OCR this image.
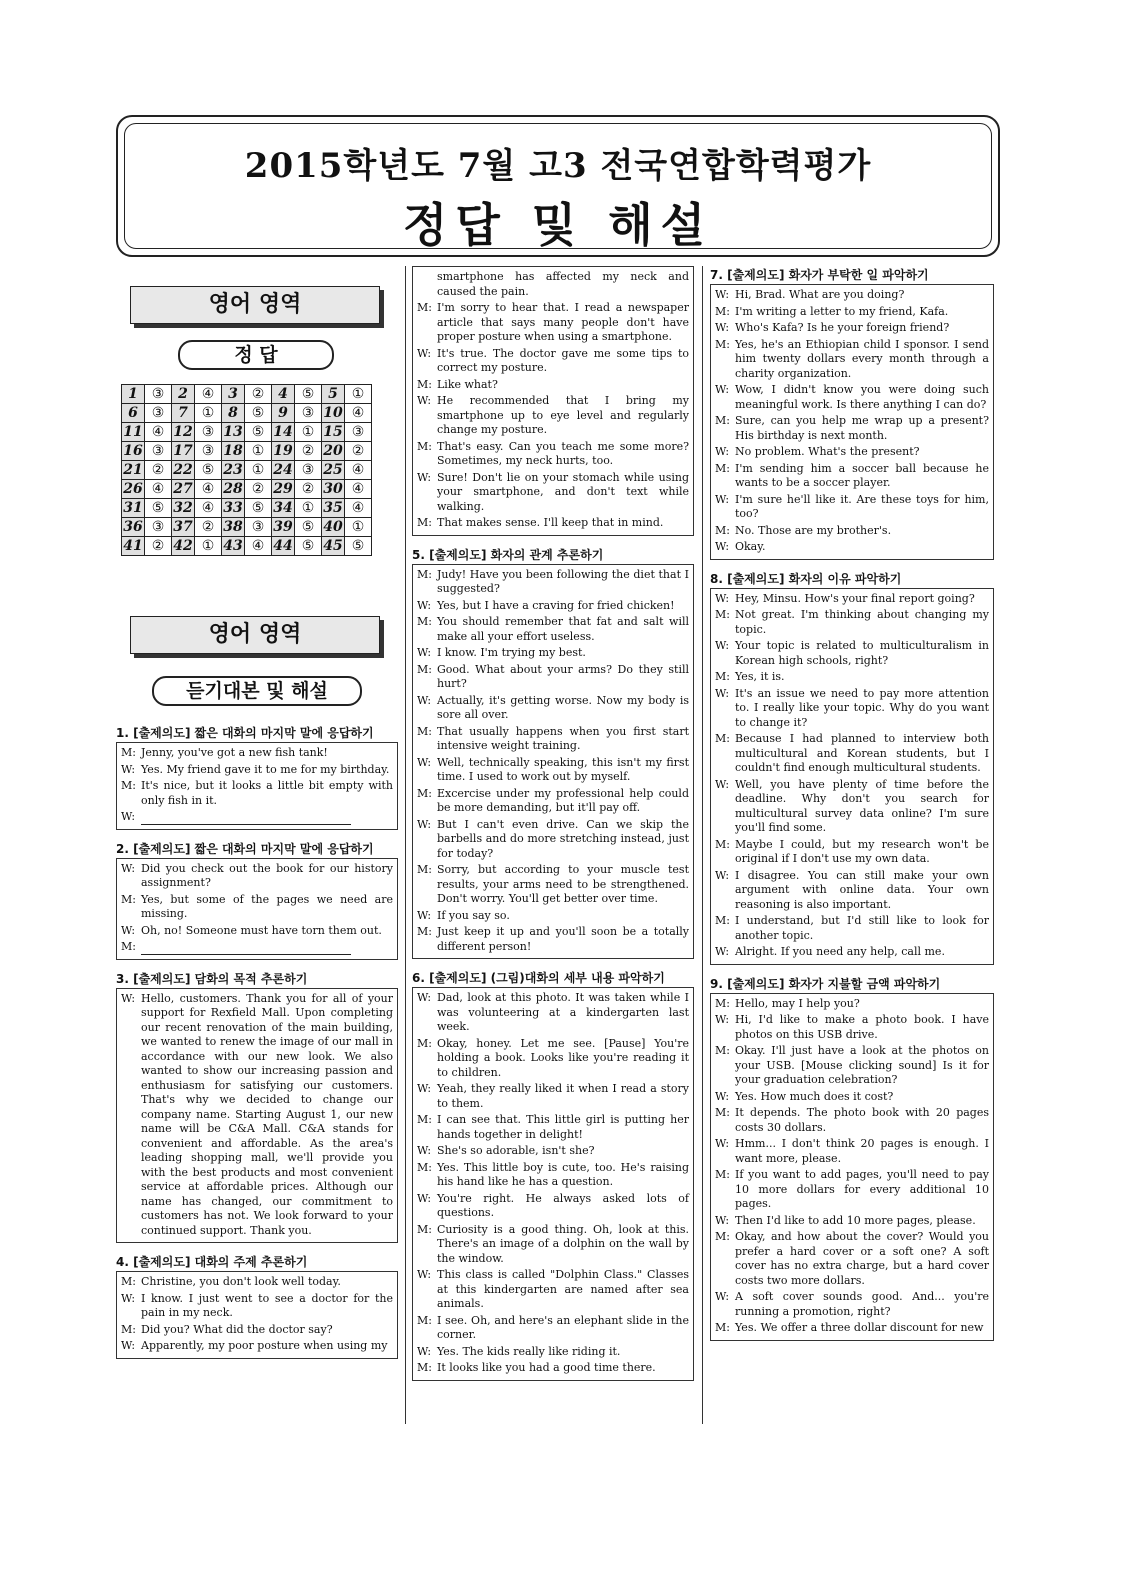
2015학년도 7월 고3 전국연합학력평가
정답 및 해설
영어 영역
정 답
1	③	2	④	3	②	4	⑤	5	①
6	③	7	①	8	⑤	9	③	10	④
11	④	12	③	13	⑤	14	①	15	③
16	③	17	③	18	①	19	②	20	②
21	②	22	⑤	23	①	24	③	25	④
26	④	27	④	28	②	29	②	30	④
31	⑤	32	④	33	⑤	34	①	35	④
36	③	37	②	38	③	39	⑤	40	①
41	②	42	①	43	④	44	⑤	45	⑤
영어 영역
듣기대본 및 해설
1. [출제의도] 짧은 대화의 마지막 말에 응답하기
M: Jenny, you've got a new fish tank!
W: Yes. My friend gave it to me for my birthday.
M: It's nice, but it looks a little bit empty with only fish in it.
W:
2. [출제의도] 짧은 대화의 마지막 말에 응답하기
W: Did you check out the book for our history assignment?
M: Yes, but some of the pages we need are missing.
W: Oh, no! Someone must have torn them out.
M:
3. [출제의도] 담화의 목적 추론하기
W: Hello, customers. Thank you for all of your support for Rexfield Mall. Upon completing our recent renovation of the main building, we wanted to renew the image of our mall in accordance with our new look. We also wanted to show our increasing passion and enthusiasm for satisfying our customers. That's why we decided to change our company name. Starting August 1, our new name will be C&A Mall. C&A stands for convenient and affordable. As the area's leading shopping mall, we'll provide you with the best products and most convenient service at affordable prices. Although our name has changed, our commitment to customers has not. We look forward to your continued support. Thank you.
4. [출제의도] 대화의 주제 추론하기
M: Christine, you don't look well today.
W: I know. I just went to see a doctor for the pain in my neck.
M: Did you? What did the doctor say?
W: Apparently, my poor posture when using my
smartphone has affected my neck and caused the pain.
M: I'm sorry to hear that. I read a newspaper article that says many people don't have proper posture when using a smartphone.
W: It's true. The doctor gave me some tips to correct my posture.
M: Like what?
W: He recommended that I bring my smartphone up to eye level and regularly change my posture.
M: That's easy. Can you teach me some more? Sometimes, my neck hurts, too.
W: Sure! Don't lie on your stomach while using your smartphone, and don't text while walking.
M: That makes sense. I'll keep that in mind.
5. [출제의도] 화자의 관계 추론하기
M: Judy! Have you been following the diet that I suggested?
W: Yes, but I have a craving for fried chicken!
M: You should remember that fat and salt will make all your effort useless.
W: I know. I'm trying my best.
M: Good. What about your arms? Do they still hurt?
W: Actually, it's getting worse. Now my body is sore all over.
M: That usually happens when you first start intensive weight training.
W: Well, technically speaking, this isn't my first time. I used to work out by myself.
M: Excercise under my professional help could be more demanding, but it'll pay off.
W: But I can't even drive. Can we skip the barbells and do more stretching instead, just for today?
M: Sorry, but according to your muscle test results, your arms need to be strengthened. Don't worry. You'll get better over time.
W: If you say so.
M: Just keep it up and you'll soon be a totally different person!
6. [출제의도] (그림)대화의 세부 내용 파악하기
W: Dad, look at this photo. It was taken while I was volunteering at a kindergarten last week.
M: Okay, honey. Let me see. [Pause] You're holding a book. Looks like you're reading it to children.
W: Yeah, they really liked it when I read a story to them.
M: I can see that. This little girl is putting her hands together in delight!
W: She's so adorable, isn't she?
M: Yes. This little boy is cute, too. He's raising his hand like he has a question.
W: You're right. He always asked lots of questions.
M: Curiosity is a good thing. Oh, look at this. There's an image of a dolphin on the wall by the window.
W: This class is called "Dolphin Class." Classes at this kindergarten are named after sea animals.
M: I see. Oh, and here's an elephant slide in the corner.
W: Yes. The kids really like riding it.
M: It looks like you had a good time there.
7. [출제의도] 화자가 부탁한 일 파악하기
W: Hi, Brad. What are you doing?
M: I'm writing a letter to my friend, Kafa.
W: Who's Kafa? Is he your foreign friend?
M: Yes, he's an Ethiopian child I sponsor. I send him twenty dollars every month through a charity organization.
W: Wow, I didn't know you were doing such meaningful work. Is there anything I can do?
M: Sure, can you help me wrap up a present? His birthday is next month.
W: No problem. What's the present?
M: I'm sending him a soccer ball because he wants to be a soccer player.
W: I'm sure he'll like it. Are these toys for him, too?
M: No. Those are my brother's.
W: Okay.
8. [출제의도] 화자의 이유 파악하기
W: Hey, Minsu. How's your final report going?
M: Not great. I'm thinking about changing my topic.
W: Your topic is related to multiculturalism in Korean high schools, right?
M: Yes, it is.
W: It's an issue we need to pay more attention to. I really like your topic. Why do you want to change it?
M: Because I had planned to interview both multicultural and Korean students, but I couldn't find enough multicultural students.
W: Well, you have plenty of time before the deadline. Why don't you search for multicultural survey data online? I'm sure you'll find some.
M: Maybe I could, but my research won't be original if I don't use my own data.
W: I disagree. You can still make your own argument with online data. Your own reasoning is also important.
M: I understand, but I'd still like to look for another topic.
W: Alright. If you need any help, call me.
9. [출제의도] 화자가 지불할 금액 파악하기
M: Hello, may I help you?
W: Hi, I'd like to make a photo book. I have photos on this USB drive.
M: Okay. I'll just have a look at the photos on your USB. [Mouse clicking sound] Is it for your graduation celebration?
W: Yes. How much does it cost?
M: It depends. The photo book with 20 pages costs 30 dollars.
W: Hmm... I don't think 20 pages is enough. I want more, please.
M: If you want to add pages, you'll need to pay 10 more dollars for every additional 10 pages.
W: Then I'd like to add 10 more pages, please.
M: Okay, and how about the cover? Would you prefer a hard cover or a soft one? A soft cover has no extra charge, but a hard cover costs two more dollars.
W: A soft cover sounds good. And... you're running a promotion, right?
M: Yes. We offer a three dollar discount for new
